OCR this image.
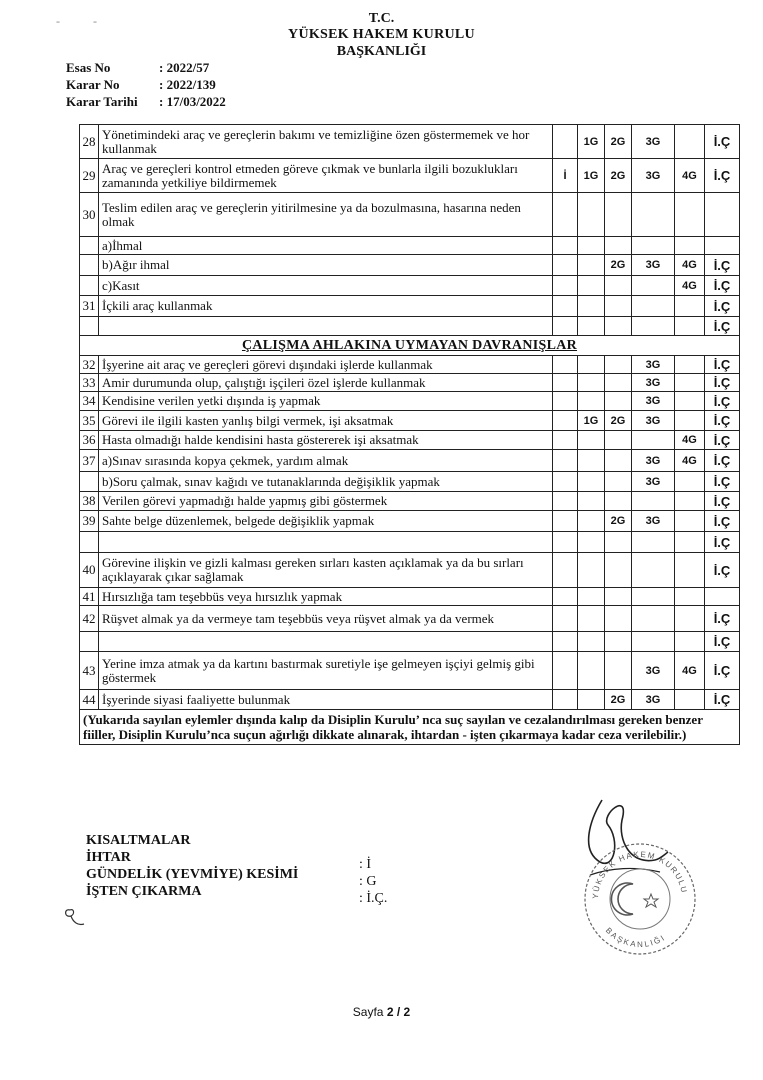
-           -	T.C.
YÜKSEK HAKEM KURULU
BAŞKANLIĞI
Esas No	: 2022/57
Karar No	: 2022/139
Karar Tarihi	: 17/03/2022
28	Yönetimindeki araç ve gereçlerin bakımı ve temizliğine özen göstermemek ve hor kullanmak		1G	2G	3G		İ.Ç
29	Araç ve gereçleri kontrol etmeden göreve çıkmak ve bunlarla ilgili bozuklukları zamanında yetkiliye bildirmemek	İ	1G	2G	3G	4G	İ.Ç
30	Teslim edilen araç ve gereçlerin yitirilmesine ya da bozulmasına, hasarına neden olmak						
	a)İhmal						
	b)Ağır ihmal			2G	3G	4G	İ.Ç
	c)Kasıt					4G	İ.Ç
31	İçkili araç kullanmak						İ.Ç
							İ.Ç
ÇALIŞMA AHLAKINA UYMAYAN DAVRANIŞLAR							
32	İşyerine ait araç ve gereçleri görevi dışındaki işlerde kullanmak				3G		İ.Ç
33	Amir durumunda olup, çalıştığı işçileri özel işlerde kullanmak				3G		İ.Ç
34	Kendisine verilen yetki dışında iş yapmak				3G		İ.Ç
35	Görevi ile ilgili kasten yanlış bilgi vermek, işi aksatmak		1G	2G	3G		İ.Ç
36	Hasta olmadığı halde kendisini hasta göstererek işi aksatmak					4G	İ.Ç
37	a)Sınav sırasında kopya çekmek, yardım almak				3G	4G	İ.Ç
	b)Soru çalmak, sınav kağıdı ve tutanaklarında değişiklik yapmak				3G		İ.Ç
38	Verilen görevi yapmadığı halde yapmış gibi göstermek						İ.Ç
39	Sahte belge düzenlemek, belgede değişiklik yapmak			2G	3G		İ.Ç
							İ.Ç
40	Görevine ilişkin ve gizli kalması gereken sırları kasten açıklamak ya da bu sırları açıklayarak çıkar sağlamak						İ.Ç
41	Hırsızlığa tam teşebbüs veya hırsızlık yapmak						
42	Rüşvet almak ya da vermeye tam teşebbüs veya rüşvet almak ya da vermek						İ.Ç
							İ.Ç
43	Yerine imza atmak ya da kartını bastırmak suretiyle işe gelmeyen işçiyi gelmiş gibi göstermek				3G	4G	İ.Ç
44	İşyerinde siyasi faaliyette bulunmak			2G	3G		İ.Ç
(Yukarıda sayılan eylemler dışında kalıp da Disiplin Kurulu’ nca suç sayılan ve cezalandırılması gereken benzer fiiller, Disiplin Kurulu’nca suçun ağırlığı dikkate alınarak, ihtardan - işten çıkarmaya kadar ceza verilebilir.)							
KISALTMALAR
İHTAR
GÜNDELİK (YEVMİYE) KESİMİ
İŞTEN ÇIKARMA
: İ
: G
: İ.Ç.	YÜKSEK HAKEM KURULU
BAŞKANLIĞI
Sayfa 2 / 2
